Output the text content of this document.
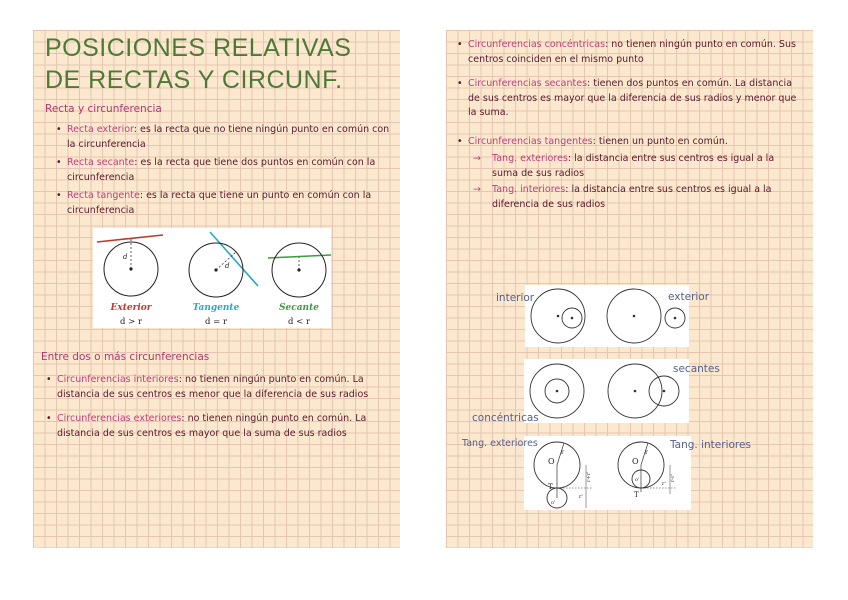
POSICIONES RELATIVAS
DE RECTAS Y CIRCUNF.
Recta y circunferencia
• Recta exterior: es la recta que no tiene ningún punto en común con la circunferencia
• Recta secante: es la recta que tiene dos puntos en común con la circunferencia
• Recta tangente: es la recta que tiene un punto en común con la circunferencia
d
d
Exterior
d > r
Tangente
d = r
Secante
d < r
Entre dos o más circunferencias
• Circunferencias interiores: no tienen ningún punto en común. La distancia de sus centros es menor que la diferencia de sus radios
• Circunferencias exteriores: no tienen ningún punto en común. La distancia de sus centros es mayor que la suma de sus radios
• Circunferencias concéntricas: no tienen ningún punto en común. Sus centros coinciden en el mismo punto
• Circunferencias secantes: tienen dos puntos en común. La distancia de sus centros es mayor que la diferencia de sus radios y menor que la suma.
• Circunferencias tangentes: tienen un punto en común.
→ Tang. exteriores: la distancia entre sus centros es igual a la suma de sus radios
→ Tang. interiores: la distancia entre sus centros es igual a la diferencia de sus radios
interior	exterior
secantes
concéntricas
O
r
T
o'
r'
r+r'
O
r
T
o'
r'
r-r'
Tang. exteriores	Tang. interiores
